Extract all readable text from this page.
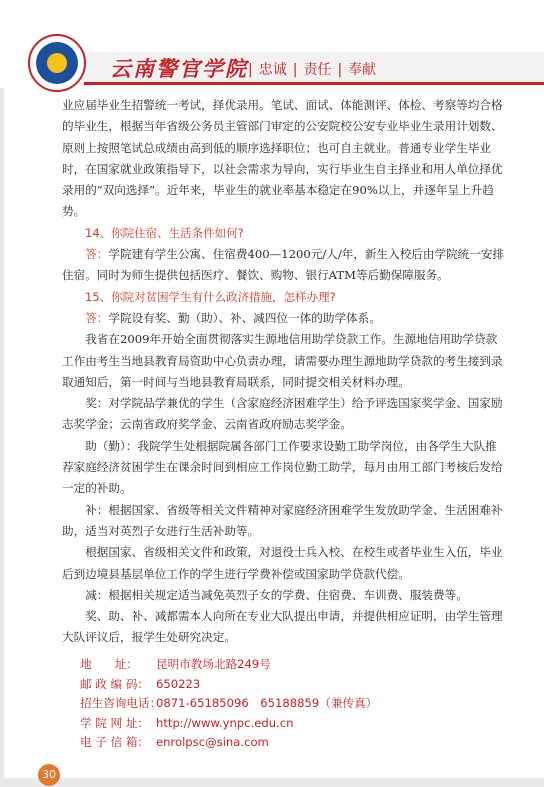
云南警官学院 | 忠诚 | 责任 | 奉献

业应届毕业生招警统一考试，择优录用。笔试、面试、体能测评、体检、考察等均合格的毕业生，根据当年省级公务员主管部门审定的公安院校公安专业毕业生录用计划数、原则上按照笔试总成绩由高到低的顺序选择职位；也可自主就业。普通专业学生毕业时，在国家就业政策指导下，以社会需求为导向，实行毕业生自主择业和用人单位择优录用的“双向选择”。近年来，毕业生的就业率基本稳定在90%以上，并逐年呈上升趋势。

14、你院住宿、生活条件如何?

答：学院建有学生公寓、住宿费400—1200元/人/年，新生入校后由学院统一安排住宿。同时为师生提供包括医疗、餐饮、购物、银行ATM等后勤保障服务。

15、你院对贫困学生有什么政济措施，怎样办理?

答：学院设有奖、勤（助）、补、减四位一体的助学体系。

我省在2009年开始全面贯彻落实生源地信用助学贷款工作。生源地信用助学贷款工作由考生当地县教育局资助中心负责办理，请需要办理生源地助学贷款的考生接到录取通知后，第一时间与当地县教育局联系，同时提交相关材料办理。

奖：对学院品学兼优的学生（含家庭经济困难学生）给予评选国家奖学金、国家励志奖学金；云南省政府奖学金、云南省政府励志奖学金。

助（勤）：我院学生处根据院属各部门工作要求设勤工助学岗位，由各学生大队推荐家庭经济贫困学生在课余时间到相应工作岗位勤工助学，每月由用工部门考核后发给一定的补助。

补：根据国家、省级等相关文件精神对家庭经济困难学生发放助学金、生活困难补助，适当对英烈子女进行生活补助等。

根据国家、省级相关文件和政策，对退役士兵入校、在校生或者毕业生入伍，毕业后到边境县基层单位工作的学生进行学费补偿或国家助学贷款代偿。

减：根据相关规定适当减免英烈子女的学费、住宿费、车训费、服装费等。

奖、助、补、减都需本人向所在专业大队提出申请，并提供相应证明，由学生管理大队评议后，报学生处研究决定。

地　　址： 昆明市教场北路249号
邮 政 编 码： 650223
招生咨询电话：0871-65185096　65188859（兼传真）
学 院 网 址： http://www.ynpc.edu.cn
电 子 信 箱： enrolpsc@sina.com
30
